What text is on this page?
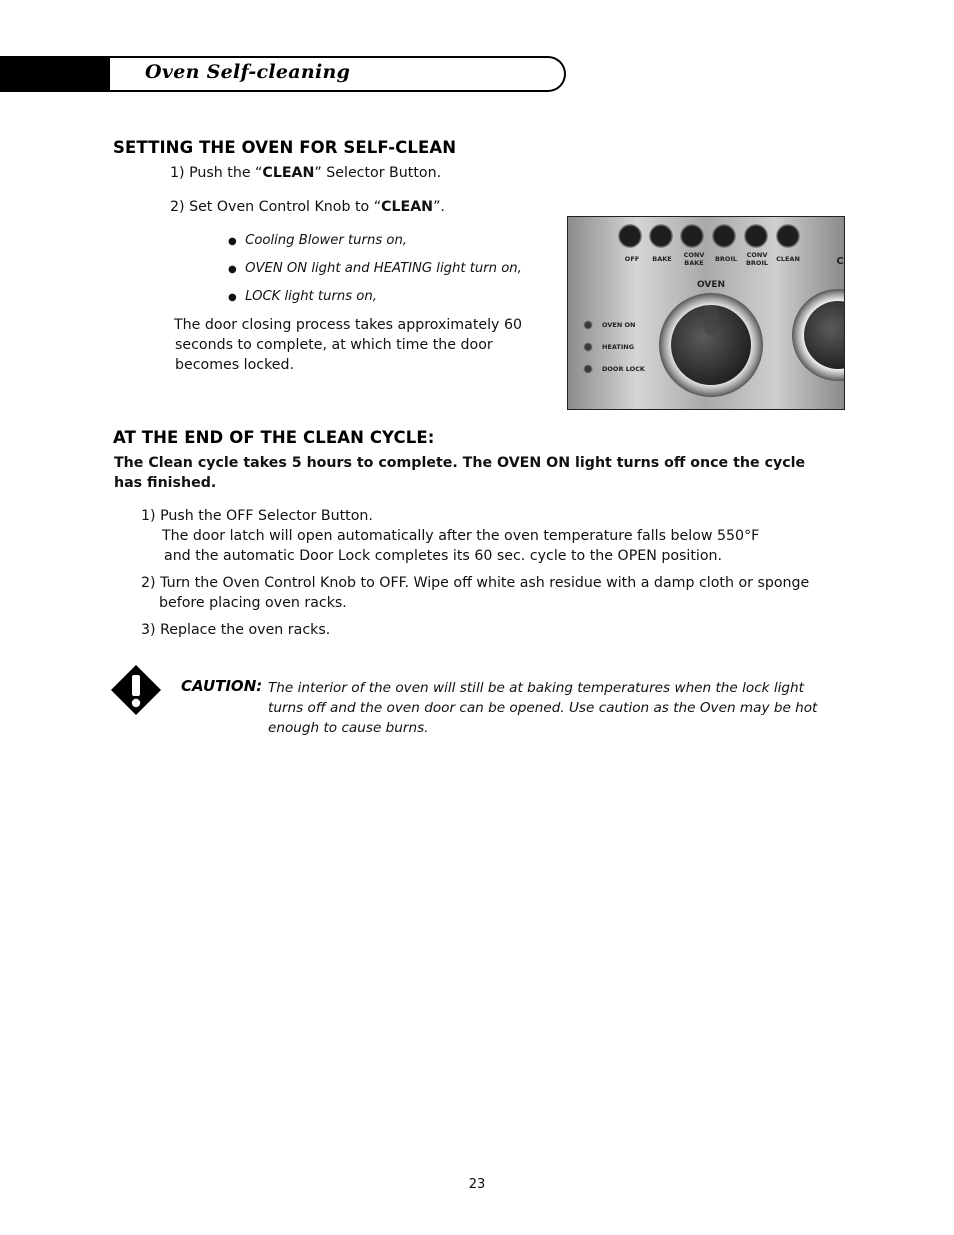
Oven Self-cleaning
SETTING THE OVEN FOR SELF-CLEAN
1) Push the “CLEAN” Selector Button.
2) Set Oven Control Knob to “CLEAN”.
● Cooling Blower turns on,
● OVEN ON light and HEATING light turn on,
● LOCK light turns on,
The door closing process takes approximately 60
seconds to complete, at which time the door
becomes locked.
OFF BAKE CONV BAKE BROIL CONV BROIL CLEAN
OVEN
C
OVEN ON
HEATING
DOOR LOCK
AT THE END OF THE CLEAN CYCLE:
The Clean cycle takes 5 hours to complete. The OVEN ON light turns off once the cycle
has finished.
1) Push the OFF Selector Button.
The door latch will open automatically after the oven temperature falls below 550°F
and the automatic Door Lock completes its 60 sec. cycle to the OPEN position.
2) Turn the Oven Control Knob to OFF. Wipe off white ash residue with a damp cloth or sponge
before placing oven racks.
3) Replace the oven racks.
CAUTION: The interior of the oven will still be at baking temperatures when the lock light
turns off and the oven door can be opened. Use caution as the Oven may be hot
enough to cause burns.
23
